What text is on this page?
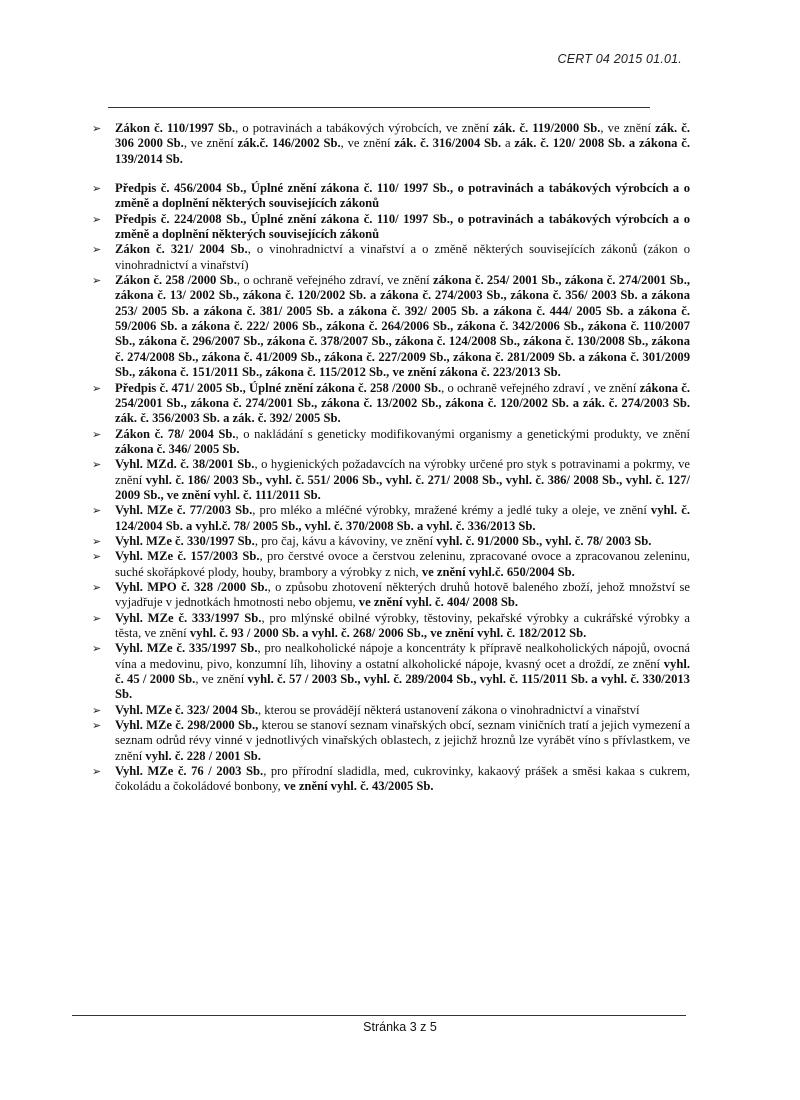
CERT 04 2015 01.01.
➢ Zákon č. 110/1997 Sb., o potravinách a tabákových výrobcích, ve znění zák. č. 119/2000 Sb., ve znění zák. č. 306 2000 Sb., ve znění zák.č. 146/2002 Sb., ve znění zák. č. 316/2004 Sb. a zák. č. 120/ 2008 Sb. a zákona č. 139/2014 Sb.
➢ Předpis č. 456/2004 Sb., Úplné znění zákona č. 110/ 1997 Sb., o potravinách a tabákových výrobcích a o změně a doplnění některých souvisejících zákonů
➢ Předpis č. 224/2008 Sb., Úplné znění zákona č. 110/ 1997 Sb., o potravinách a tabákových výrobcích a o změně a doplnění některých souvisejících zákonů
➢ Zákon č. 321/ 2004 Sb., o vinohradnictví a vinařství a o změně některých souvisejících zákonů (zákon o vinohradnictví a vinařství)
➢ Zákon č. 258 /2000 Sb., o ochraně veřejného zdraví, ve znění zákona č. 254/ 2001 Sb., zákona č. 274/2001 Sb., zákona č. 13/ 2002 Sb., zákona č. 120/2002 Sb. a zákona č. 274/2003 Sb., zákona č. 356/ 2003 Sb. a zákona 253/ 2005 Sb. a zákona č. 381/ 2005 Sb. a zákona č. 392/ 2005 Sb. a zákona č. 444/ 2005 Sb. a zákona č. 59/2006 Sb. a zákona č. 222/ 2006 Sb., zákona č. 264/2006 Sb., zákona č. 342/2006 Sb., zákona č. 110/2007 Sb., zákona č. 296/2007 Sb., zákona č. 378/2007 Sb., zákona č. 124/2008 Sb., zákona č. 130/2008 Sb., zákona č. 274/2008 Sb., zákona č. 41/2009 Sb., zákona č. 227/2009 Sb., zákona č. 281/2009 Sb. a zákona č. 301/2009 Sb., zákona č. 151/2011 Sb., zákona č. 115/2012 Sb., ve znění zákona č. 223/2013 Sb.
➢ Předpis č. 471/ 2005 Sb., Úplné znění zákona č. 258 /2000 Sb., o ochraně veřejného zdraví , ve znění zákona č. 254/2001 Sb., zákona č. 274/2001 Sb., zákona č. 13/2002 Sb., zákona č. 120/2002 Sb. a zák. č. 274/2003 Sb. zák. č. 356/2003 Sb. a zák. č. 392/ 2005 Sb.
➢ Zákon č. 78/ 2004 Sb., o nakládání s geneticky modifikovanými organismy a genetickými produkty, ve znění zákona č. 346/ 2005 Sb.
➢ Vyhl. MZd. č. 38/2001 Sb., o hygienických požadavcích na výrobky určené pro styk s potravinami a pokrmy, ve znění vyhl. č. 186/ 2003 Sb., vyhl. č. 551/ 2006 Sb., vyhl. č. 271/ 2008 Sb., vyhl. č. 386/ 2008 Sb., vyhl. č. 127/ 2009 Sb., ve znění vyhl. č. 111/2011 Sb.
➢ Vyhl. MZe č. 77/2003 Sb., pro mléko a mléčné výrobky, mražené krémy a jedlé tuky a oleje, ve znění vyhl. č. 124/2004 Sb. a vyhl.č. 78/ 2005 Sb., vyhl. č. 370/2008 Sb. a vyhl. č. 336/2013 Sb.
➢ Vyhl. MZe č. 330/1997 Sb., pro čaj, kávu a kávoviny, ve znění vyhl. č. 91/2000 Sb., vyhl. č. 78/ 2003 Sb.
➢ Vyhl. MZe č. 157/2003 Sb., pro čerstvé ovoce a čerstvou zeleninu, zpracované ovoce a zpracovanou zeleninu, suché skořápkové plody, houby, brambory a výrobky z nich, ve znění vyhl.č. 650/2004 Sb.
➢ Vyhl. MPO č. 328 /2000 Sb., o způsobu zhotovení některých druhů hotově baleného zboží, jehož množství se vyjadřuje v jednotkách hmotnosti nebo objemu, ve znění vyhl. č. 404/ 2008 Sb.
➢ Vyhl. MZe č. 333/1997 Sb., pro mlýnské obilné výrobky, těstoviny, pekařské výrobky a cukrářské výrobky a těsta, ve znění vyhl. č. 93 / 2000 Sb. a vyhl. č. 268/ 2006 Sb., ve znění vyhl. č. 182/2012 Sb.
➢ Vyhl. MZe č. 335/1997 Sb., pro nealkoholické nápoje a koncentráty k přípravě nealkoholických nápojů, ovocná vína a medovinu, pivo, konzumní líh, lihoviny a ostatní alkoholické nápoje, kvasný ocet a droždí, ze znění vyhl. č. 45 / 2000 Sb., ve znění vyhl. č. 57 / 2003 Sb., vyhl. č. 289/2004 Sb., vyhl. č. 115/2011 Sb. a vyhl. č. 330/2013 Sb.
➢ Vyhl. MZe č. 323/ 2004 Sb., kterou se provádějí některá ustanovení zákona o vinohradnictví a vinařství
➢ Vyhl. MZe č. 298/2000 Sb., kterou se stanoví seznam vinařských obcí, seznam viničních tratí a jejich vymezení a seznam odrůd révy vinné v jednotlivých vinařských oblastech, z jejichž hroznů lze vyrábět víno s přívlastkem, ve znění vyhl. č. 228 / 2001 Sb.
➢ Vyhl. MZe č. 76 / 2003 Sb., pro přírodní sladidla, med, cukrovinky, kakaový prášek a směsi kakaa s cukrem, čokoládu a čokoládové bonbony, ve znění vyhl. č. 43/2005 Sb.
Stránka 3 z 5
